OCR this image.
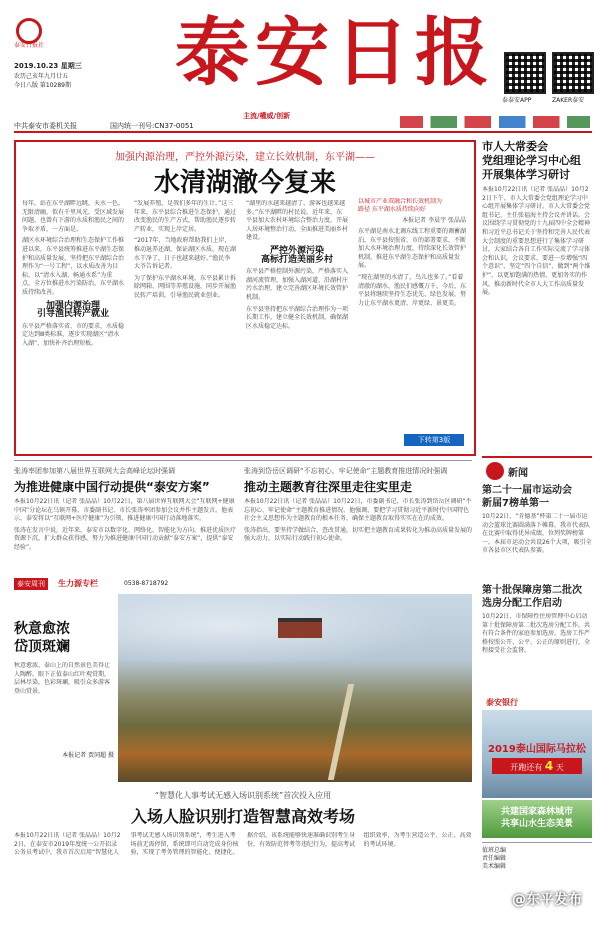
泰安日报社
2019.10.23 星期三
农历己亥年九月廿五
今日八版 第10289期 泰安日报
泰泰安APP	ZAKER泰安
中共泰安市委机关报	国内统一刊号:CN37-0051
主流/權威/创新
加强内源治理，严控外源污染，建立长效机制，东平湖——
水清湖澈今复来

每年，站在东平湖畔远眺，天水一色，无限清幽，似有千里风光。受区域发展问题，也曾有下游的水质和渔民之间的争取矛盾，一方面是。

湖区水环境综合治理和生态保护工作推进以来，东平县统筹推进东平湖生态保护和高质量发展，坚持把东平湖综合治理作为“一号工程”，以水质改善为目标，以“清水入湖、畅通水系”为重点，全方位推进水污染防治，东平湖水质持续改善。

加强内源治理
引导渔民转产就业

东平县严格落实省、市的要求，水质稳定达到Ⅲ类标准，逐步实现湖区“清水入湖”，加快补齐治理短板。

“发展养殖，是我们多年的生计。”这三年来，东平县综合推进生态保护，通过改变渔民的生产方式，帮助渔民逐步转产转业，实现上岸定居。

“2017年，当地政府帮助我们上岸，推动退养还湖，保证湖区水质，现在湖水干净了，日子也越来越好。”渔民李大爷告诉记者。

为了保护东平湖水环境，东平县累计拆除网箱、网围等养殖设施，同步开展渔民转产培训，引导渔民就业创业。

“湖里的水越来越清了，游客也越来越多。”东平湖畔的村民说。近年来，东平县加大农村环境综合整治力度，开展人居环境整治行动，全面推进美丽乡村建设。

严控外源污染
高标打造美丽乡村

东平县严格控制外源污染，严格落实入湖河流管理，加强入湖河道、沿湖村庄污水治理，建立完善湖区环境长效管护机制。

东平县坚持把东平湖综合治理作为一项长期工作，建立健全长效机制，确保湖区水质稳定达标。

以城市产业双融合和长效机制为
路径 东平湖水质持续向好
本报记者 李晨宇 张晶晶

东平湖是南水北调东线工程重要的调蓄湖泊，东平县按照省、市的部署要求，不断加大水环境治理力度，持续深化长效管护机制，推进东平湖生态保护和高质量发展。

“现在湖里的水清了，鸟儿也多了。”看着清澈的湖水，渔民们感慨万千。今后，东平县将继续坚持生态优先、绿色发展，努力让东平湖水更清、岸更绿、景更美。

下转第3版
市人大常委会
党组理论学习中心组
开展集体学习研讨
本报10月22日讯（记者 张晶晶）10月22日下午，市人大常委会党组理论学习中心组开展集体学习研讨。市人大常委会党组书记、主任张福海主持会议并讲话。会议围绕学习贯彻党的十九届四中全会精神和习近平总书记关于坚持和完善人民代表大会制度的重要思想进行了集体学习研讨，大家结合各自工作实际交流了学习体会和认识。会议要求，要进一步增强“四个意识”、坚定“四个自信”、做到“两个维护”，以更加饱满的热情、更加务实的作风，推动新时代全市人大工作高质量发展。
新闻
第二十一届市运动会
新届7榜单第一
10月22日，“肯德基”杯第二十一届市运动会篮球比赛圆满落下帷幕，我市代表队在比赛中取得优异成绩，位列奖牌榜第一。本届市运动会共设26个大项，吸引全市各县市区代表队参赛。
第十批保障房第二批次
选房分配工作启动
10月22日，市保障性住房管理中心启动第十批保障房第二批次选房分配工作，共有符合条件的家庭参加选房。选房工作严格按照公开、公平、公正的原则进行，全程接受社会监督。
泰安银行
2019泰山国际马拉松
开跑还有 4 天
共建国家森林城市
共享山水生态美景
值班总编
责任编辑
美术编辑
@东平发布
张涛率团参加第八届世界互联网大会高峰论坛时强调
为推进健康中国行动提供“泰安方案”

本报10月22日讯（记者 张晶晶）10月22日，第八届世界互联网大会“互联网+健康中国”分论坛在乌镇开幕，市委副书记、市长张涛率团参加会议并作主题发言。他表示，泰安将以“互联网+医疗健康”为引领，推进健康中国行动落地落实。

张涛在发言中说，近年来，泰安市以数字化、网络化、智能化为方向，推进优质医疗资源下沉，扩大群众获得感，努力为推进健康中国行动贡献“泰安方案”，提供“泰安经验”。

张涛到岱岳区调研“不忘初心、牢记使命”主题教育推进情况时强调
推动主题教育往深里走往实里走

本报10月22日讯（记者 张晶晶）10月22日，市委副书记、市长张涛到岱岳区调研“不忘初心、牢记使命”主题教育推进情况，他强调，要把学习贯彻习近平新时代中国特色社会主义思想作为主题教育的根本任务，确保主题教育取得实实在在的成效。

张涛指出，要坚持学做结合、查改贯通，切实把主题教育成果转化为推动高质量发展的强大动力，以实际行动践行初心使命。

泰安周刊	生力源专栏	0538-8718792
秋意愈浓
岱顶斑斓
秋意愈浓，泰山上的自然景色美得让人陶醉。眼下正值泰山红叶观赏期，层林尽染，色彩斑斓，吸引众多游客登山赏景。
本报记者 贾同超 摄
“智慧化人事考试无感入场识别系统”首次投入应用
入场人脸识别打造智慧高效考场

本报10月22日讯（记者 张晶晶）10月22日，在泰安市2019年度统一公开招录公务员考试中，我市首次启用“智慧化人事考试无感入场识别系统”，考生进入考场前无需停留，系统即可自动完成身份核验，实现了考务管理的智能化、便捷化。

据介绍，该系统能够快速准确识别考生身份，有效防范替考等违纪行为，提高考试组织效率，为考生营造公平、公正、高效的考试环境。
